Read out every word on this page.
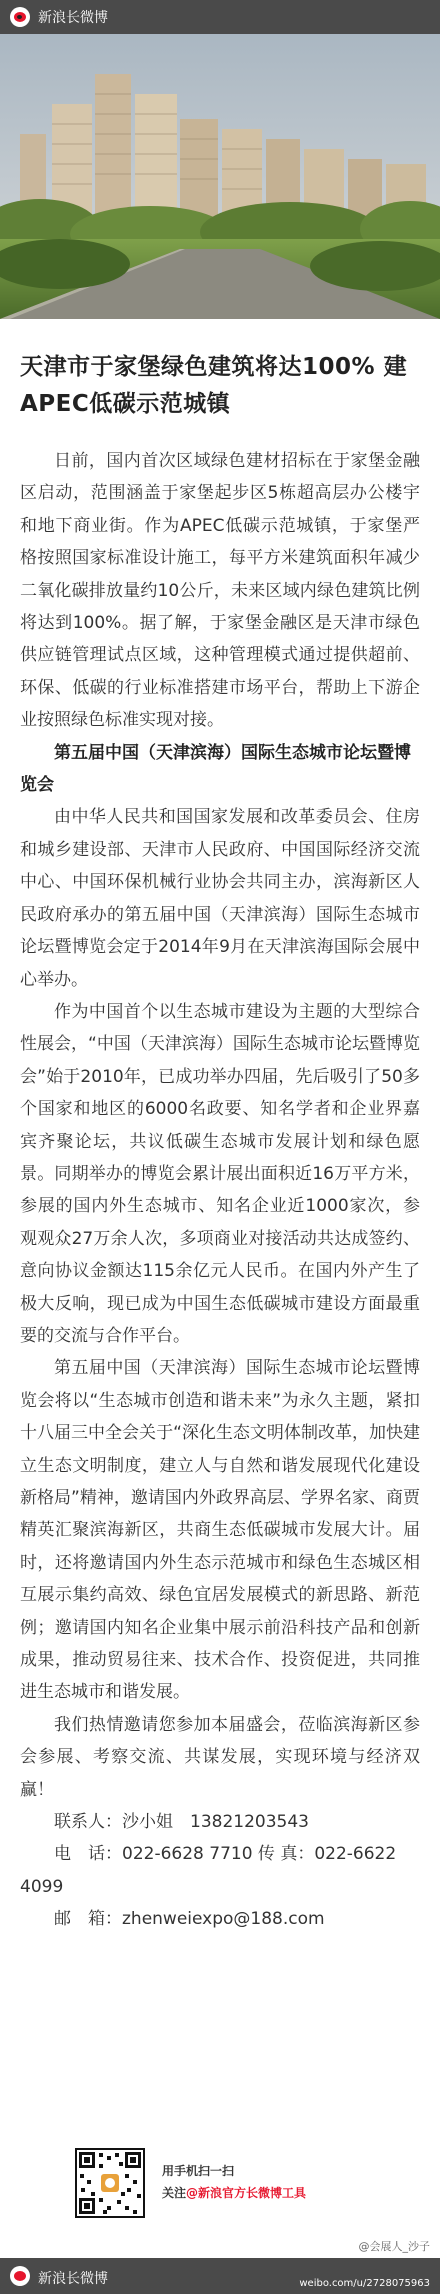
新浪长微博
天津市于家堡绿色建筑将达100% 建APEC低碳示范城镇

日前，国内首次区域绿色建材招标在于家堡金融区启动，范围涵盖于家堡起步区5栋超高层办公楼宇和地下商业街。作为APEC低碳示范城镇，于家堡严格按照国家标准设计施工，每平方米建筑面积年减少二氧化碳排放量约10公斤，未来区域内绿色建筑比例将达到100%。据了解，于家堡金融区是天津市绿色供应链管理试点区域，这种管理模式通过提供超前、环保、低碳的行业标准搭建市场平台，帮助上下游企业按照绿色标准实现对接。

第五届中国（天津滨海）国际生态城市论坛暨博览会

由中华人民共和国国家发展和改革委员会、住房和城乡建设部、天津市人民政府、中国国际经济交流中心、中国环保机械行业协会共同主办，滨海新区人民政府承办的第五届中国（天津滨海）国际生态城市论坛暨博览会定于2014年9月在天津滨海国际会展中心举办。

作为中国首个以生态城市建设为主题的大型综合性展会，“中国（天津滨海）国际生态城市论坛暨博览会”始于2010年，已成功举办四届，先后吸引了50多个国家和地区的6000名政要、知名学者和企业界嘉宾齐聚论坛，共议低碳生态城市发展计划和绿色愿景。同期举办的博览会累计展出面积近16万平方米，参展的国内外生态城市、知名企业近1000家次，参观观众27万余人次，多项商业对接活动共达成签约、意向协议金额达115余亿元人民币。在国内外产生了极大反响，现已成为中国生态低碳城市建设方面最重要的交流与合作平台。

第五届中国（天津滨海）国际生态城市论坛暨博览会将以“生态城市创造和谐未来”为永久主题，紧扣十八届三中全会关于“深化生态文明体制改革，加快建立生态文明制度，建立人与自然和谐发展现代化建设新格局”精神，邀请国内外政界高层、学界名家、商贾精英汇聚滨海新区，共商生态低碳城市发展大计。届时，还将邀请国内外生态示范城市和绿色生态城区相互展示集约高效、绿色宜居发展模式的新思路、新范例；邀请国内知名企业集中展示前沿科技产品和创新成果，推动贸易往来、技术合作、投资促进，共同推进生态城市和谐发展。

我们热情邀请您参加本届盛会，莅临滨海新区参会参展、考察交流、共谋发展，实现环境与经济双赢！

联系人：沙小姐　13821203543

电　话：022-6628 7710 传 真：022-6622 4099

邮　箱：zhenweiexpo@188.com

用手机扫一扫
关注@新浪官方长微博工具
@会展人_沙子
新浪长微博	weibo.com/u/2728075963
